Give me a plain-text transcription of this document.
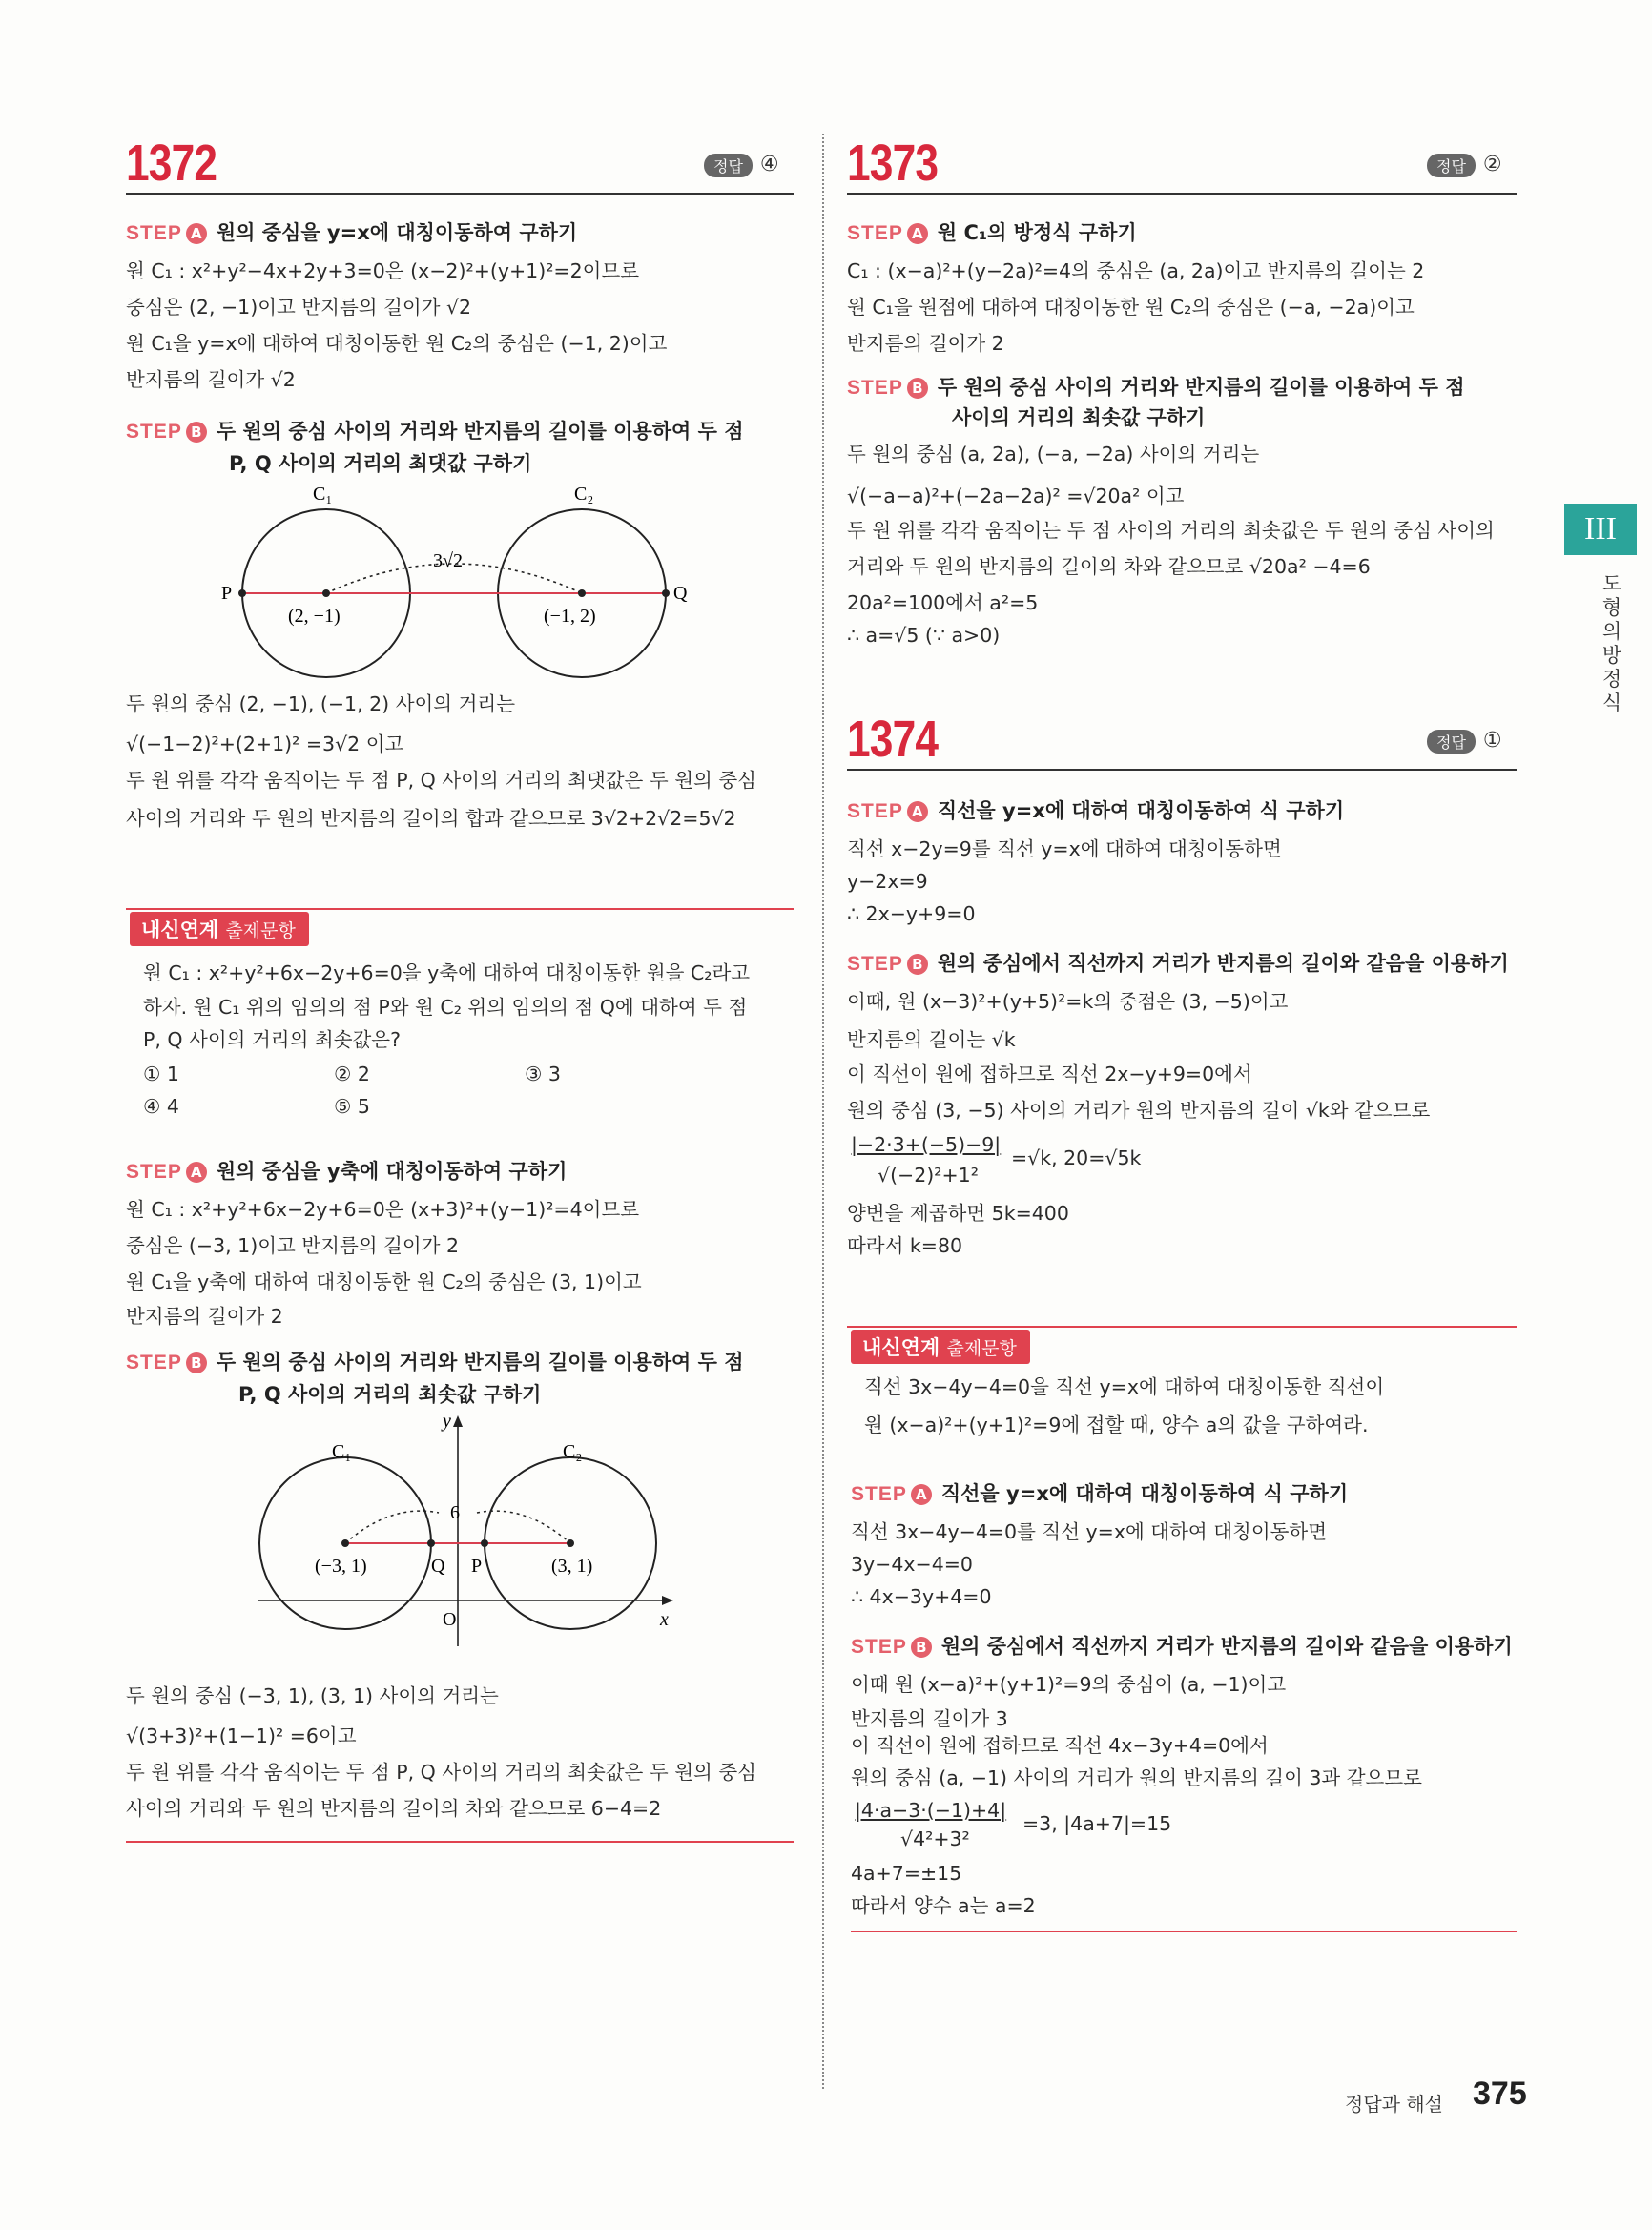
III
도형의 방정식
1372	정답 ④
STEP A 원의 중심을 y=x에 대칭이동하여 구하기
원 C₁ : x²+y²−4x+2y+3=0은 (x−2)²+(y+1)²=2이므로
중심은 (2, −1)이고 반지름의 길이가 √2
원 C₁을 y=x에 대하여 대칭이동한 원 C₂의 중심은 (−1, 2)이고
반지름의 길이가 √2
STEP B 두 원의 중심 사이의 거리와 반지름의 길이를 이용하여 두 점
P, Q 사이의 거리의 최댓값 구하기
C₁	C₂
P	Q
(2, −1)	(−1, 2)
3√2
두 원의 중심 (2, −1), (−1, 2) 사이의 거리는
√(−1−2)²+(2+1)² =3√2 이고
두 원 위를 각각 움직이는 두 점 P, Q 사이의 거리의 최댓값은 두 원의 중심
사이의 거리와 두 원의 반지름의 길이의 합과 같으므로 3√2+2√2=5√2
내신연계 출제문항
원 C₁ : x²+y²+6x−2y+6=0을 y축에 대하여 대칭이동한 원을 C₂라고
하자. 원 C₁ 위의 임의의 점 P와 원 C₂ 위의 임의의 점 Q에 대하여 두 점
P, Q 사이의 거리의 최솟값은?
① 1	② 2	③ 3
④ 4	⑤ 5
STEP A 원의 중심을 y축에 대칭이동하여 구하기
원 C₁ : x²+y²+6x−2y+6=0은 (x+3)²+(y−1)²=4이므로
중심은 (−3, 1)이고 반지름의 길이가 2
원 C₁을 y축에 대하여 대칭이동한 원 C₂의 중심은 (3, 1)이고
반지름의 길이가 2
STEP B 두 원의 중심 사이의 거리와 반지름의 길이를 이용하여 두 점
P, Q 사이의 거리의 최솟값 구하기
C₁	C₂
y
x
O
6
Q P
(−3, 1)	(3, 1)
두 원의 중심 (−3, 1), (3, 1) 사이의 거리는
√(3+3)²+(1−1)² =6이고
두 원 위를 각각 움직이는 두 점 P, Q 사이의 거리의 최솟값은 두 원의 중심
사이의 거리와 두 원의 반지름의 길이의 차와 같으므로 6−4=2
1373	정답 ②
STEP A 원 C₁의 방정식 구하기
C₁ : (x−a)²+(y−2a)²=4의 중심은 (a, 2a)이고 반지름의 길이는 2
원 C₁을 원점에 대하여 대칭이동한 원 C₂의 중심은 (−a, −2a)이고
반지름의 길이가 2
STEP B 두 원의 중심 사이의 거리와 반지름의 길이를 이용하여 두 점
사이의 거리의 최솟값 구하기
두 원의 중심 (a, 2a), (−a, −2a) 사이의 거리는
√(−a−a)²+(−2a−2a)² =√20a² 이고
두 원 위를 각각 움직이는 두 점 사이의 거리의 최솟값은 두 원의 중심 사이의
거리와 두 원의 반지름의 길이의 차와 같으므로 √20a² −4=6
20a²=100에서 a²=5
∴ a=√5 (∵ a>0)
1374	정답 ①
STEP A 직선을 y=x에 대하여 대칭이동하여 식 구하기
직선 x−2y=9를 직선 y=x에 대하여 대칭이동하면
y−2x=9
∴ 2x−y+9=0
STEP B 원의 중심에서 직선까지 거리가 반지름의 길이와 같음을 이용하기
이때, 원 (x−3)²+(y+5)²=k의 중점은 (3, −5)이고
반지름의 길이는 √k
이 직선이 원에 접하므로 직선 2x−y+9=0에서
원의 중심 (3, −5) 사이의 거리가 원의 반지름의 길이 √k와 같으므로
|−2·3+(−5)−9|
√(−2)²+1²
=√k, 20=√5k
양변을 제곱하면 5k=400
따라서 k=80
내신연계 출제문항
직선 3x−4y−4=0을 직선 y=x에 대하여 대칭이동한 직선이
원 (x−a)²+(y+1)²=9에 접할 때, 양수 a의 값을 구하여라.
STEP A 직선을 y=x에 대하여 대칭이동하여 식 구하기
직선 3x−4y−4=0를 직선 y=x에 대하여 대칭이동하면
3y−4x−4=0
∴ 4x−3y+4=0
STEP B 원의 중심에서 직선까지 거리가 반지름의 길이와 같음을 이용하기
이때 원 (x−a)²+(y+1)²=9의 중심이 (a, −1)이고
반지름의 길이가 3
이 직선이 원에 접하므로 직선 4x−3y+4=0에서
원의 중심 (a, −1) 사이의 거리가 원의 반지름의 길이 3과 같으므로
|4·a−3·(−1)+4|
√4²+3²
=3, |4a+7|=15
4a+7=±15
따라서 양수 a는 a=2
정답과 해설 375
